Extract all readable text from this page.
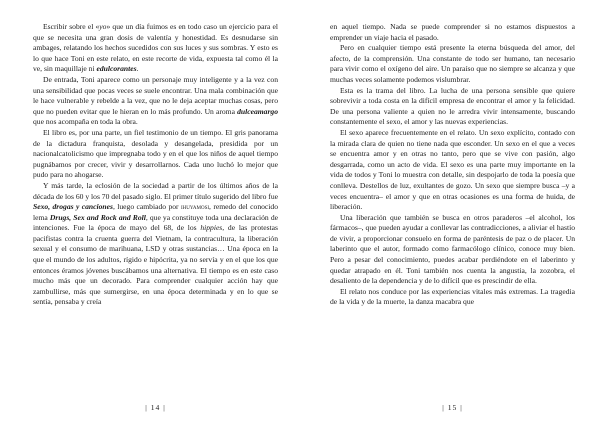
Escribir sobre el «yo» que un día fuimos es en todo caso un ejercicio para el que se necesita una gran dosis de valentía y honestidad. Es desnudarse sin ambages, relatando los hechos sucedidos con sus luces y sus sombras. Y esto es lo que hace Toni en este relato, en este recorte de vida, expuesta tal como él la ve, sin maquillaje ni edulcorantes.

De entrada, Toni aparece como un personaje muy inteligente y a la vez con una sensibilidad que pocas veces se suele encontrar. Una mala combinación que le hace vulnerable y rebelde a la vez, que no le deja aceptar muchas cosas, pero que no pueden evitar que le hieran en lo más profundo. Un aroma dulceamargo que nos acompaña en toda la obra.

El libro es, por una parte, un fiel testimonio de un tiempo. El gris panorama de la dictadura franquista, desolada y desangelada, presidida por un nacionalcatolicismo que impregnaba todo y en el que los niños de aquel tiempo pugnábamos por crecer, vivir y desarrollarnos. Cada uno luchó lo mejor que pudo para no ahogarse.

Y más tarde, la eclosión de la sociedad a partir de los últimos años de la década de los 60 y los 70 del pasado siglo. El primer título sugerido del libro fue Sexo, drogas y canciones, luego cambiado por ihuyamosi, remedo del conocido lema Drugs, Sex and Rock and Roll, que ya constituye toda una declaración de intenciones. Fue la época de mayo del 68, de los hippies, de las protestas pacifistas contra la cruenta guerra del Vietnam, la contracultura, la liberación sexual y el consumo de marihuana, LSD y otras sustancias… Una época en la que el mundo de los adultos, rígido e hipócrita, ya no servía y en el que los que entonces éramos jóvenes buscábamos una alternativa. El tiempo es en este caso mucho más que un decorado. Para comprender cualquier acción hay que zambullirse, más que sumergirse, en una época determinada y en lo que se sentía, pensaba y creía

| 14 |

en aquel tiempo. Nada se puede comprender si no estamos dispuestos a emprender un viaje hacia el pasado.

Pero en cualquier tiempo está presente la eterna búsqueda del amor, del afecto, de la comprensión. Una constante de todo ser humano, tan necesario para vivir como el oxígeno del aire. Un paraíso que no siempre se alcanza y que muchas veces solamente podemos vislumbrar.

Esta es la trama del libro. La lucha de una persona sensible que quiere sobrevivir a toda costa en la difícil empresa de encontrar el amor y la felicidad. De una persona valiente a quien no le arredra vivir intensamente, buscando constantemente el sexo, el amor y las nuevas experiencias.

El sexo aparece frecuentemente en el relato. Un sexo explícito, contado con la mirada clara de quien no tiene nada que esconder. Un sexo en el que a veces se encuentra amor y en otras no tanto, pero que se vive con pasión, algo desgarrada, como un acto de vida. El sexo es una parte muy importante en la vida de todos y Toni lo muestra con detalle, sin despojarlo de toda la poesía que conlleva. Destellos de luz, exultantes de gozo. Un sexo que siempre busca –y a veces encuentra– el amor y que en otras ocasiones es una forma de huida, de liberación.

Una liberación que también se busca en otros paraderos –el alcohol, los fármacos–, que pueden ayudar a conllevar las contradicciones, a aliviar el hastío de vivir, a proporcionar consuelo en forma de paréntesis de paz o de placer. Un laberinto que el autor, formado como farmacólogo clínico, conoce muy bien. Pero a pesar del conocimiento, puedes acabar perdiéndote en el laberinto y quedar atrapado en él. Toni también nos cuenta la angustia, la zozobra, el desaliento de la dependencia y de lo difícil que es prescindir de ella.

El relato nos conduce por las experiencias vitales más extremas. La tragedia de la vida y de la muerte, la danza macabra que

| 15 |
